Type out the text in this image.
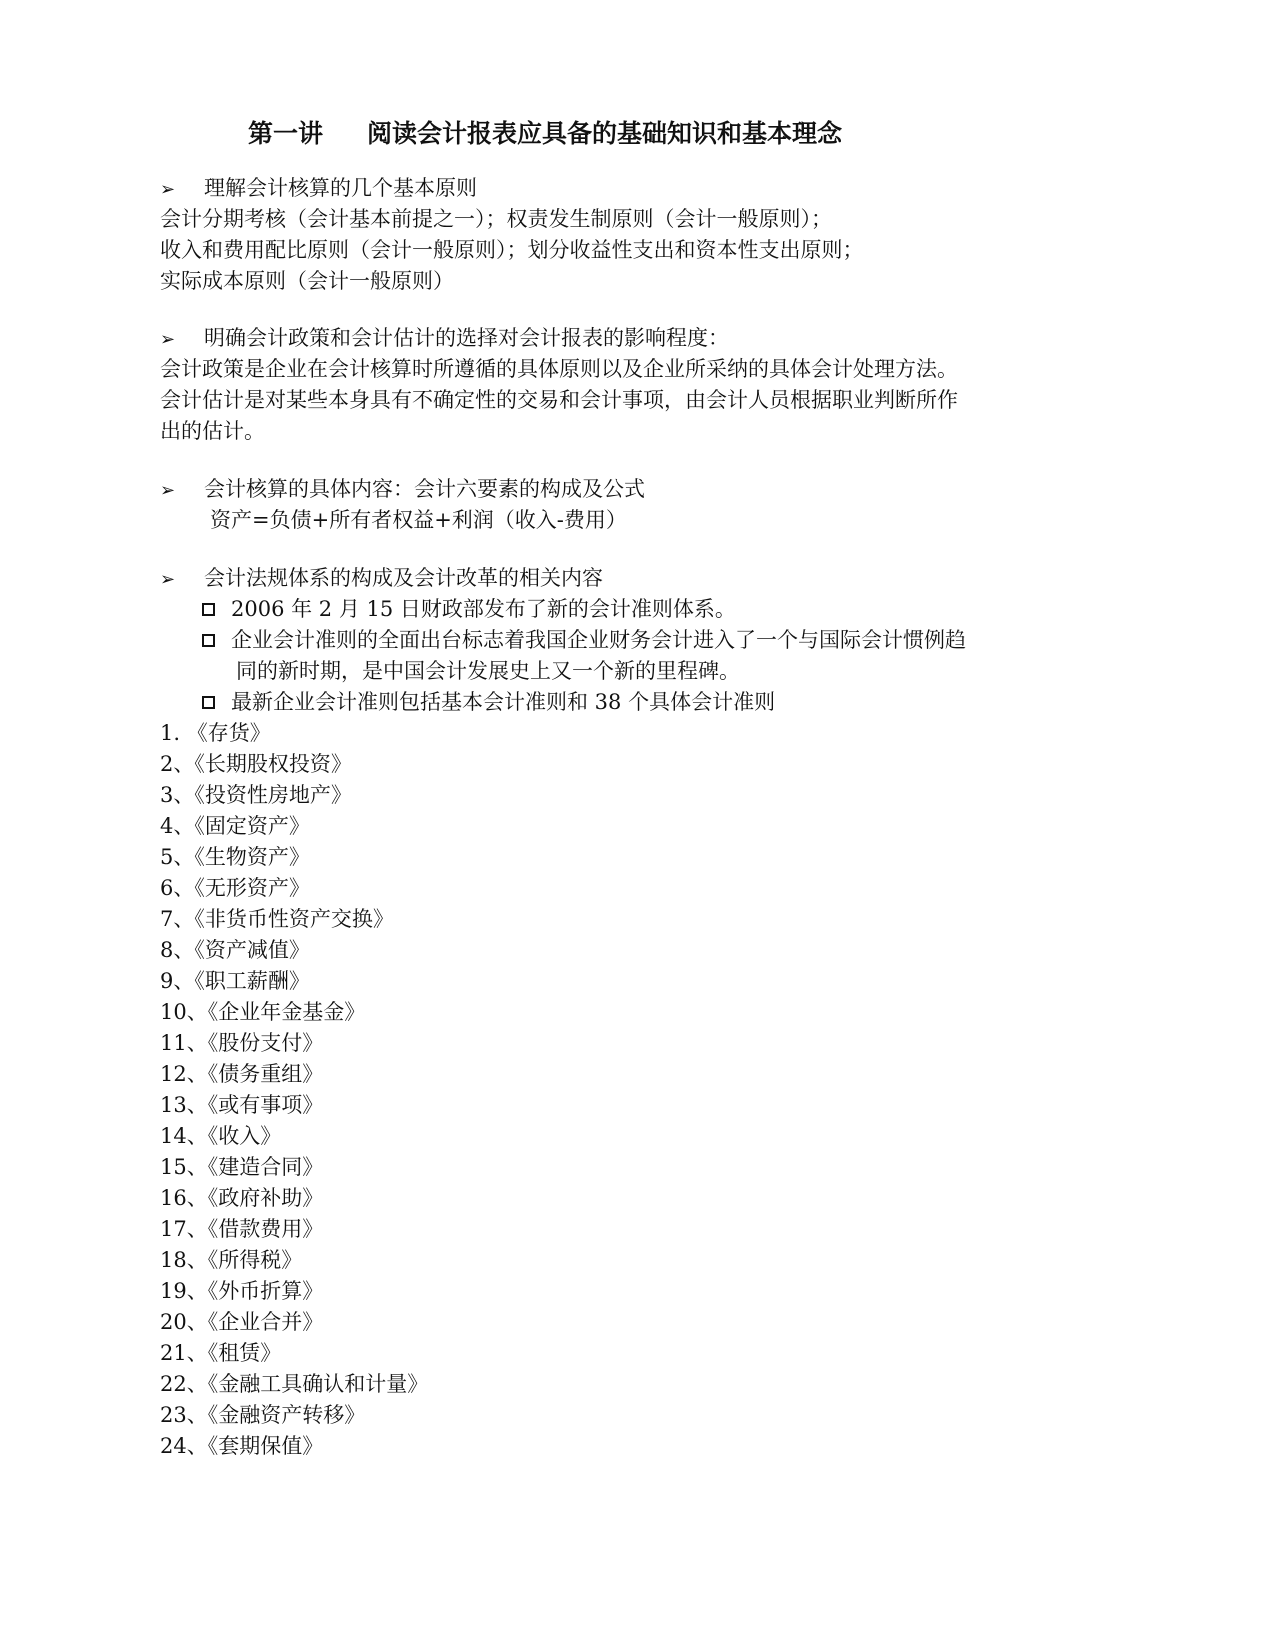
第一讲 阅读会计报表应具备的基础知识和基本理念
➢ 理解会计核算的几个基本原则
会计分期考核（会计基本前提之一）；权责发生制原则（会计一般原则）；
收入和费用配比原则（会计一般原则）；划分收益性支出和资本性支出原则；
实际成本原则（会计一般原则）
➢ 明确会计政策和会计估计的选择对会计报表的影响程度：
会计政策是企业在会计核算时所遵循的具体原则以及企业所采纳的具体会计处理方法。
会计估计是对某些本身具有不确定性的交易和会计事项，由会计人员根据职业判断所作
出的估计。
➢ 会计核算的具体内容：会计六要素的构成及公式
资产=负债+所有者权益+利润（收入-费用）
➢ 会计法规体系的构成及会计改革的相关内容
2006 年 2 月 15 日财政部发布了新的会计准则体系。
企业会计准则的全面出台标志着我国企业财务会计进入了一个与国际会计惯例趋
同的新时期，是中国会计发展史上又一个新的里程碑。
最新企业会计准则包括基本会计准则和 38 个具体会计准则
1. 《存货》
2、《长期股权投资》
3、《投资性房地产》
4、《固定资产》
5、《生物资产》
6、《无形资产》
7、《非货币性资产交换》
8、《资产减值》
9、《职工薪酬》
10、《企业年金基金》
11、《股份支付》
12、《债务重组》
13、《或有事项》
14、《收入》
15、《建造合同》
16、《政府补助》
17、《借款费用》
18、《所得税》
19、《外币折算》
20、《企业合并》
21、《租赁》
22、《金融工具确认和计量》
23、《金融资产转移》
24、《套期保值》
